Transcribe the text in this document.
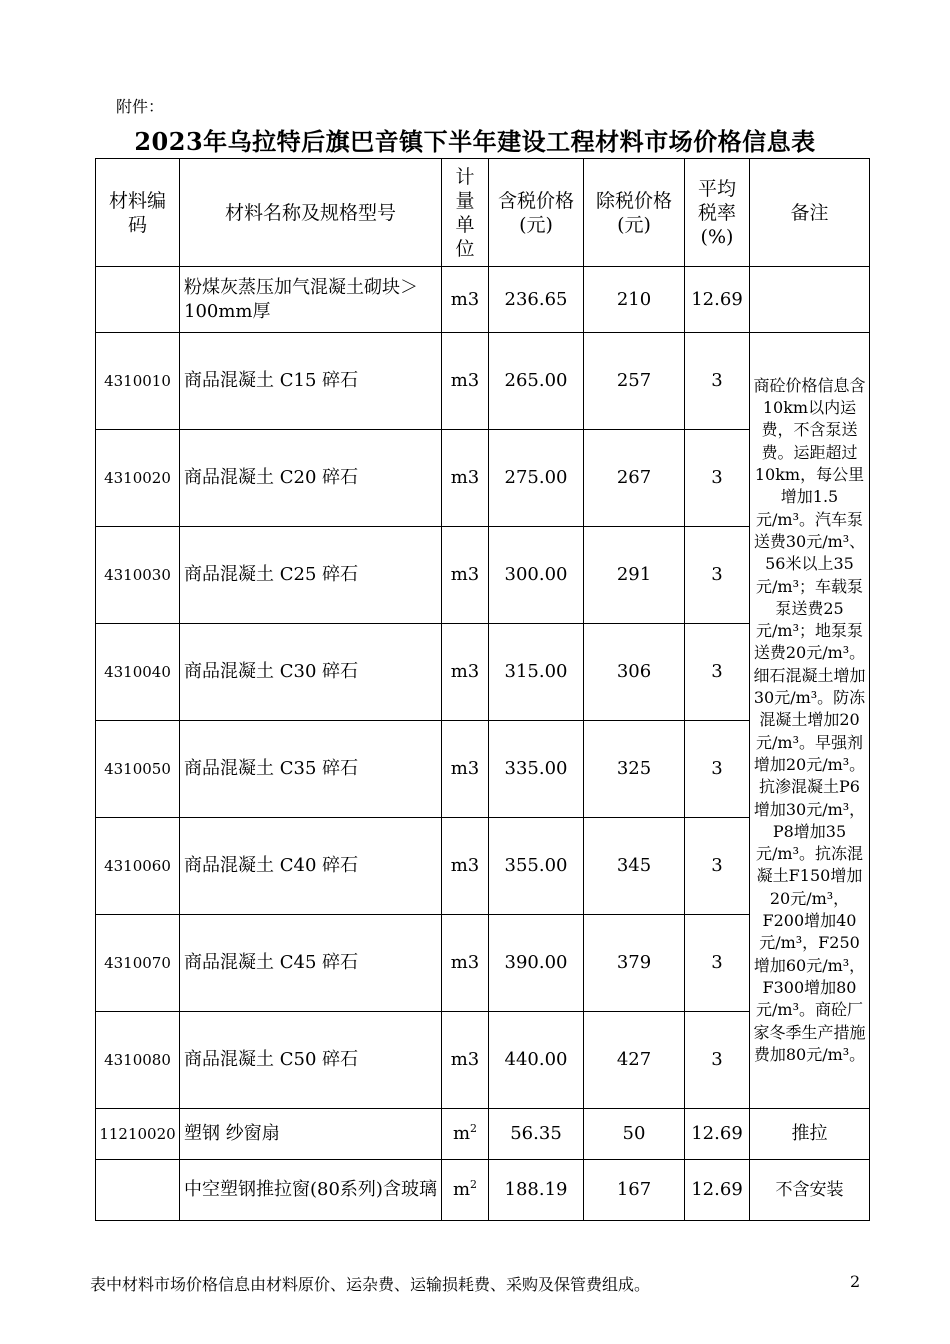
附件：
2023年乌拉特后旗巴音镇下半年建设工程材料市场价格信息表
材料编码	材料名称及规格型号	计量单位	含税价格(元)	除税价格(元)	平均税率(%)	备注
	粉煤灰蒸压加气混凝土砌块＞100mm厚	m3	236.65	210	12.69	
4310010	商品混凝土 C15 碎石	m3	265.00	257	3	商砼价格信息含10km以内运费，不含泵送费。运距超过10km，每公里增加1.5元/m³。汽车泵送费30元/m³、56米以上35元/m³；车载泵泵送费25元/m³；地泵泵送费20元/m³。细石混凝土增加30元/m³。防冻混凝土增加20元/m³。早强剂增加20元/m³。抗渗混凝土P6增加30元/m³，P8增加35元/m³。抗冻混凝土F150增加20元/m³，F200增加40元/m³，F250增加60元/m³，F300增加80元/m³。商砼厂家冬季生产措施费加80元/m³。
4310020	商品混凝土 C20 碎石	m3	275.00	267	3	
4310030	商品混凝土 C25 碎石	m3	300.00	291	3	
4310040	商品混凝土 C30 碎石	m3	315.00	306	3	
4310050	商品混凝土 C35 碎石	m3	335.00	325	3	
4310060	商品混凝土 C40 碎石	m3	355.00	345	3	
4310070	商品混凝土 C45 碎石	m3	390.00	379	3	
4310080	商品混凝土 C50 碎石	m3	440.00	427	3	
11210020	塑钢 纱窗扇	$m^2$	56.35	50	12.69	推拉
	中空塑钢推拉窗(80系列)含玻璃	$m^2$	188.19	167	12.69	不含安装
表中材料市场价格信息由材料原价、运杂费、运输损耗费、采购及保管费组成。	2
